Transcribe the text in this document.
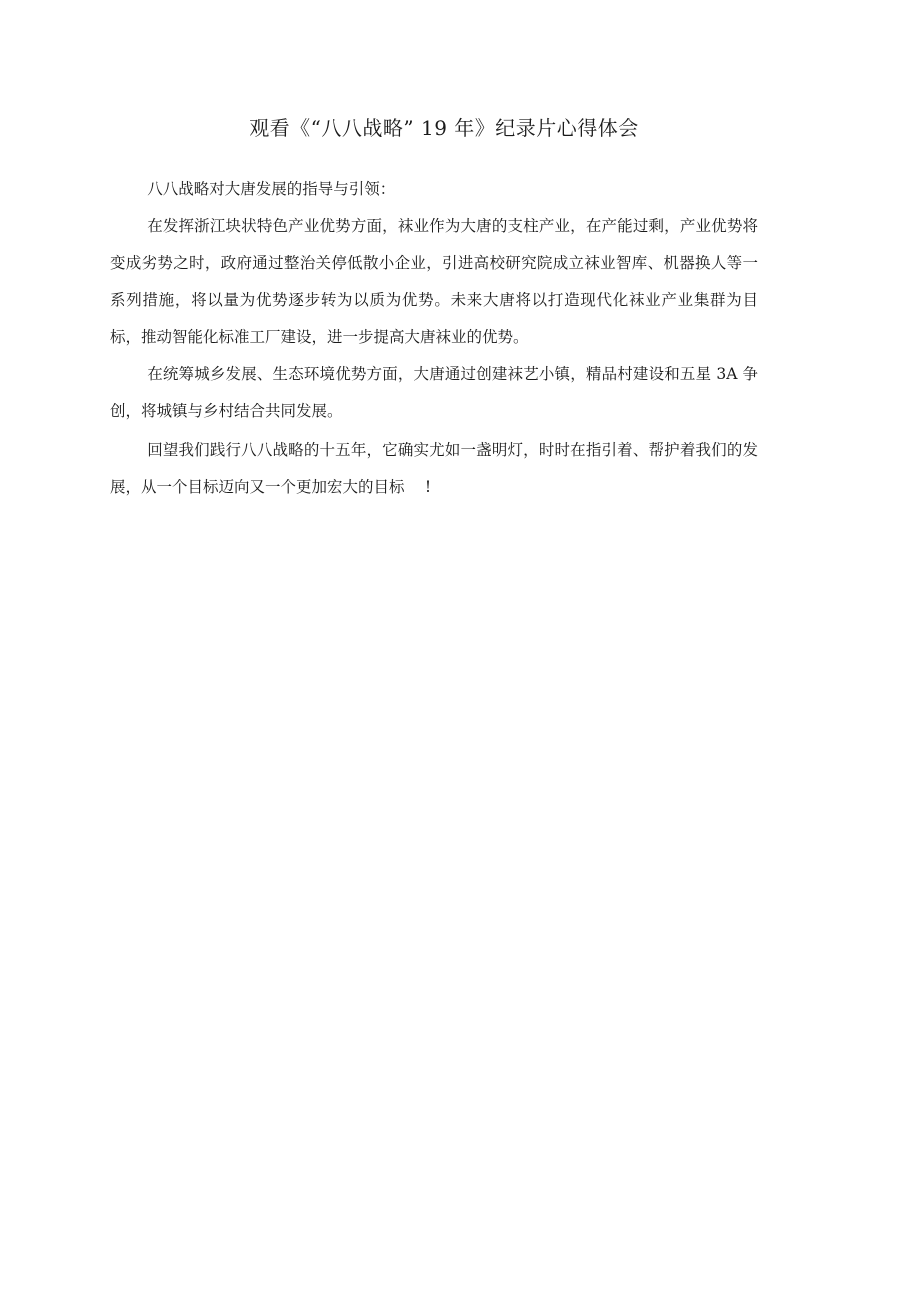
观看《“八八战略” 19 年》纪录片心得体会

八八战略对大唐发展的指导与引领：

在发挥浙江块状特色产业优势方面，袜业作为大唐的支柱产业，在产能过剩，产业优势将变成劣势之时，政府通过整治关停低散小企业，引进高校研究院成立袜业智库、机器换人等一系列措施，将以量为优势逐步转为以质为优势。未来大唐将以打造现代化袜业产业集群为目标，推动智能化标准工厂建设，进一步提高大唐袜业的优势。

在统筹城乡发展、生态环境优势方面，大唐通过创建袜艺小镇，精品村建设和五星 3A 争创，将城镇与乡村结合共同发展。

回望我们践行八八战略的十五年，它确实尤如一盏明灯，时时在指引着、帮护着我们的发展，从一个目标迈向又一个更加宏大的目标　 !
